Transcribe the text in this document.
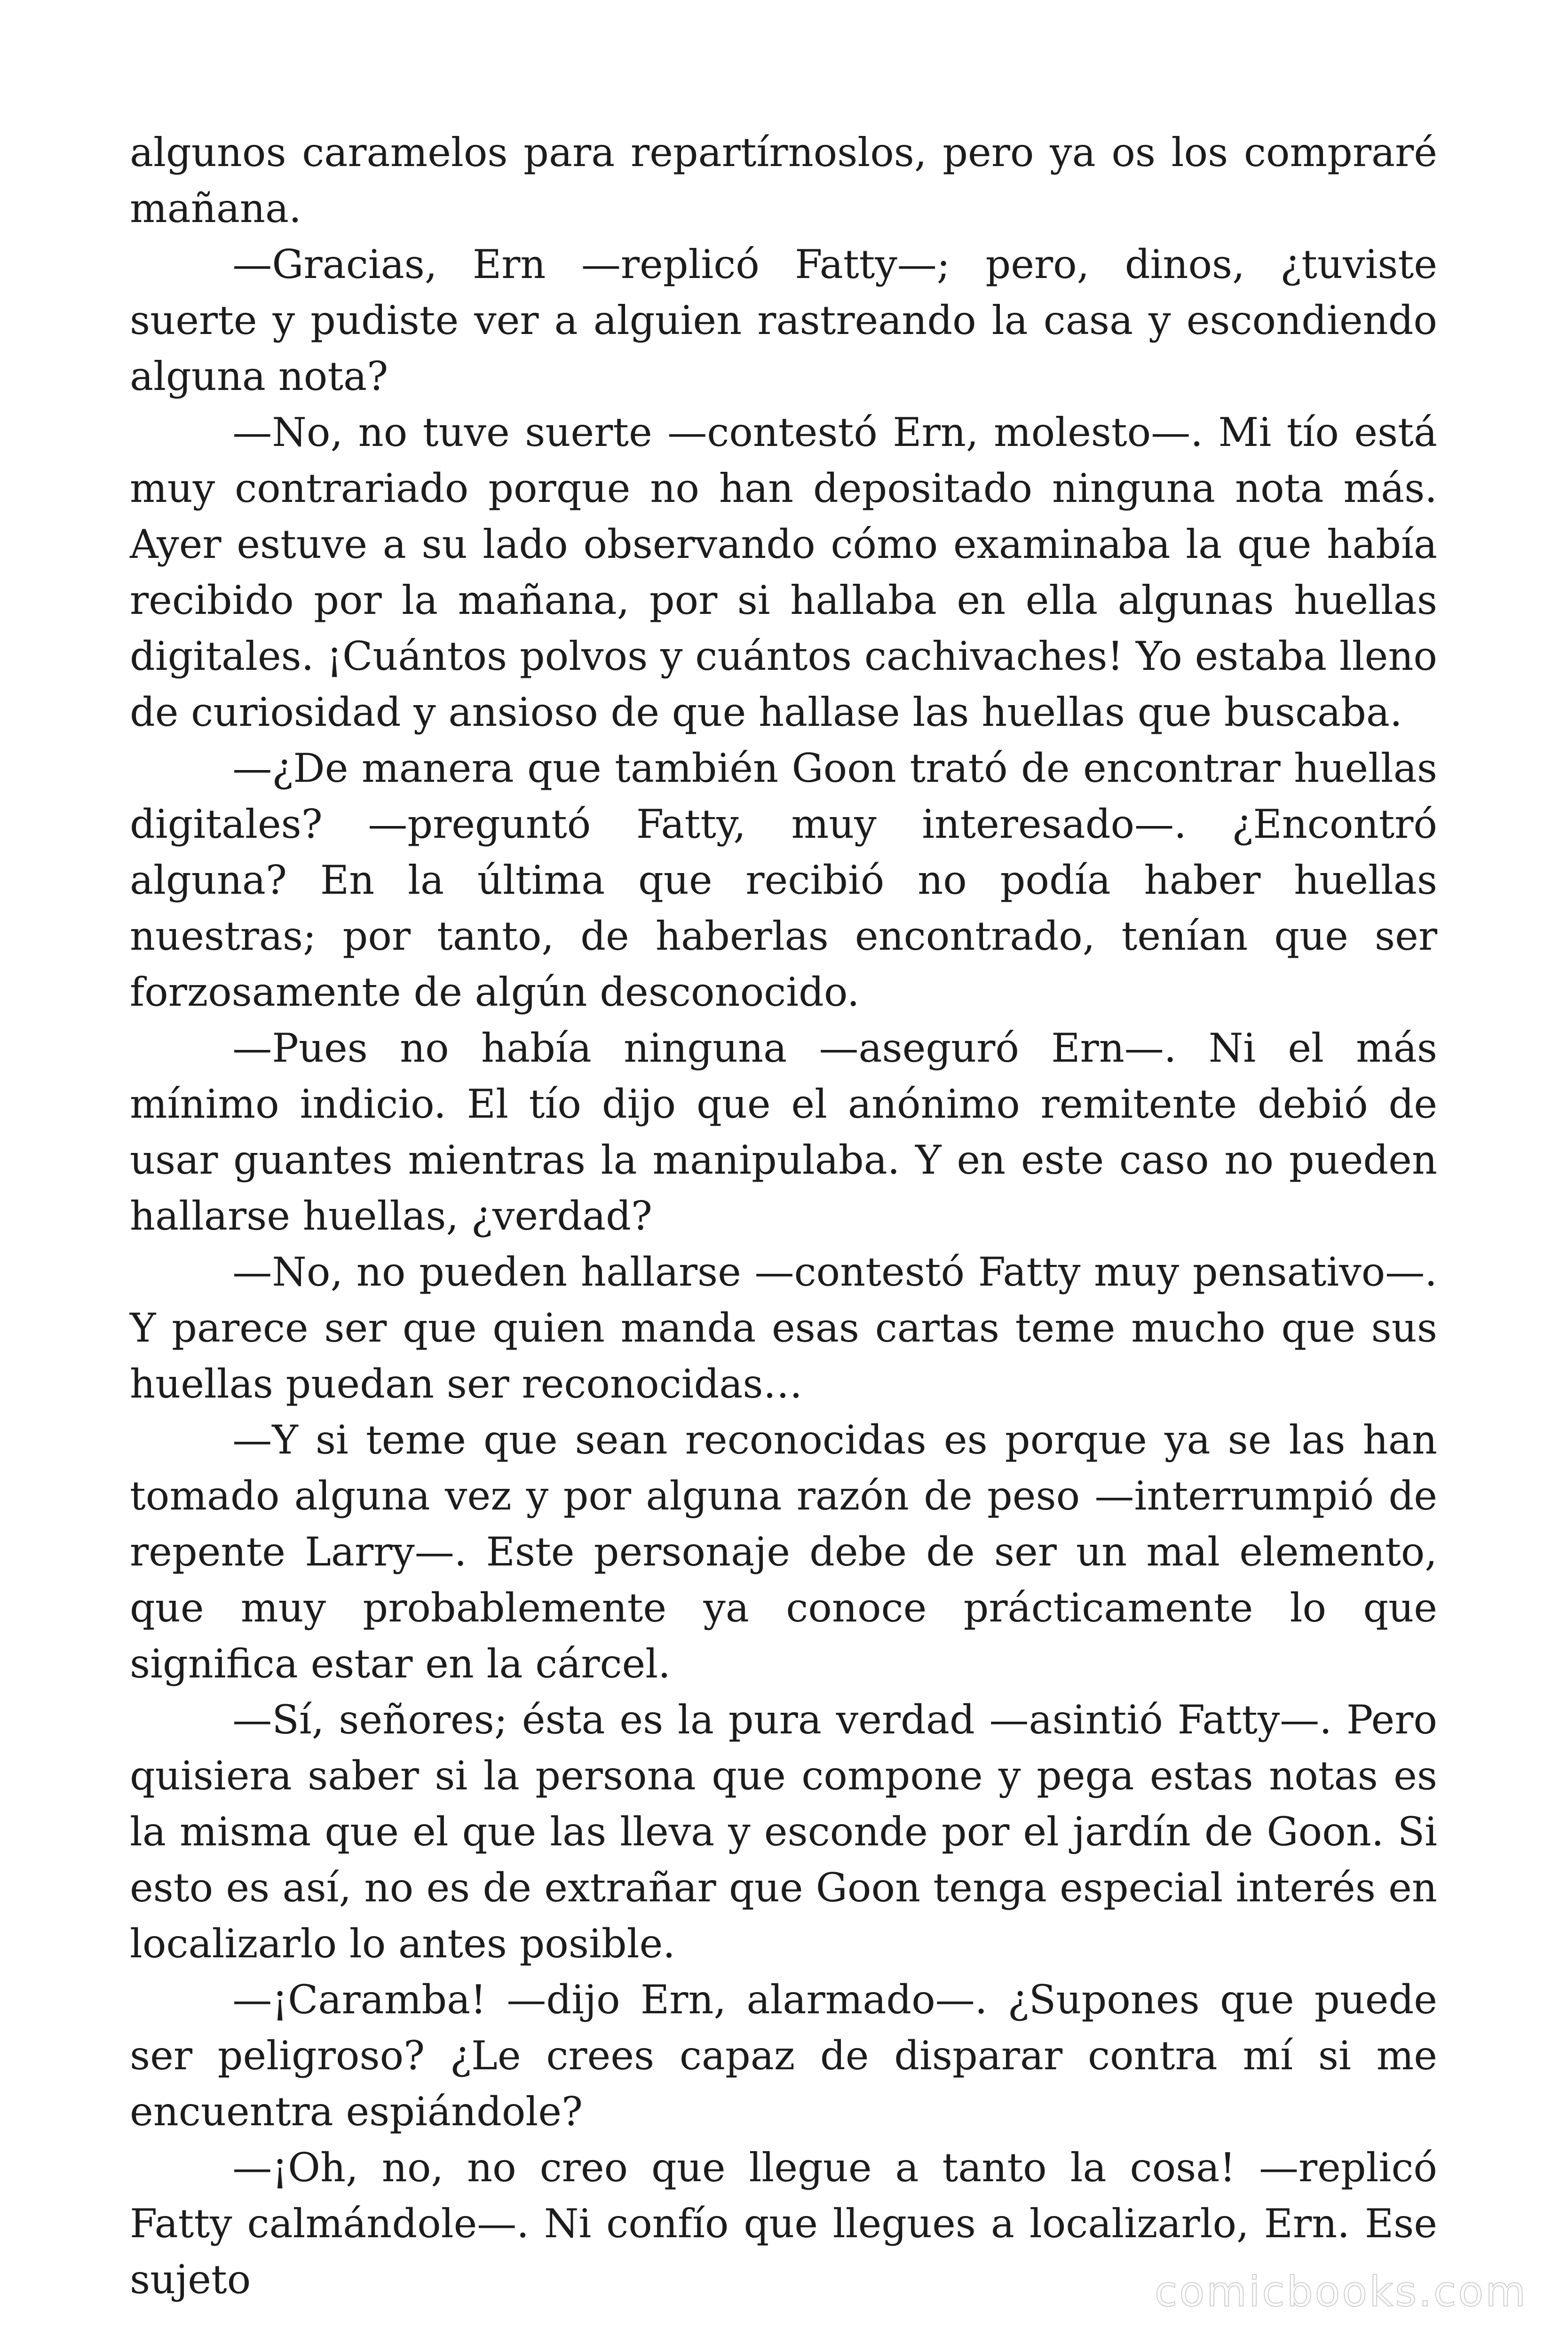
algunos caramelos para repartírnoslos, pero ya os los compraré mañana.

—Gracias, Ern —replicó Fatty—; pero, dinos, ¿tuviste suerte y pudiste ver a alguien rastreando la casa y escondiendo alguna nota?

—No, no tuve suerte —contestó Ern, molesto—. Mi tío está muy contrariado porque no han depositado ninguna nota más. Ayer estuve a su lado observando cómo examinaba la que había recibido por la mañana, por si hallaba en ella algunas huellas digitales. ¡Cuántos polvos y cuántos cachivaches! Yo estaba lleno de curiosidad y ansioso de que hallase las huellas que buscaba.

—¿De manera que también Goon trató de encontrar huellas digitales? —preguntó Fatty, muy interesado—. ¿Encontró alguna? En la última que recibió no podía haber huellas nuestras; por tanto, de haberlas encontrado, tenían que ser forzosamente de algún desconocido.

—Pues no había ninguna —aseguró Ern—. Ni el más mínimo indicio. El tío dijo que el anónimo remitente debió de usar guantes mientras la manipulaba. Y en este caso no pueden hallarse huellas, ¿verdad?

—No, no pueden hallarse —contestó Fatty muy pensativo—. Y parece ser que quien manda esas cartas teme mucho que sus huellas puedan ser reconocidas…

—Y si teme que sean reconocidas es porque ya se las han tomado alguna vez y por alguna razón de peso —interrumpió de repente Larry—. Este personaje debe de ser un mal elemento, que muy probablemente ya conoce prácticamente lo que significa estar en la cárcel.

—Sí, señores; ésta es la pura verdad —asintió Fatty—. Pero quisiera saber si la persona que compone y pega estas notas es la misma que el que las lleva y esconde por el jardín de Goon. Si esto es así, no es de extrañar que Goon tenga especial interés en localizarlo lo antes posible.

—¡Caramba! —dijo Ern, alarmado—. ¿Supones que puede ser peligroso? ¿Le crees capaz de disparar contra mí si me encuentra espiándole?

—¡Oh, no, no creo que llegue a tanto la cosa! —replicó Fatty calmándole—. Ni confío que llegues a localizarlo, Ern. Ese sujeto	comicbooks.com
